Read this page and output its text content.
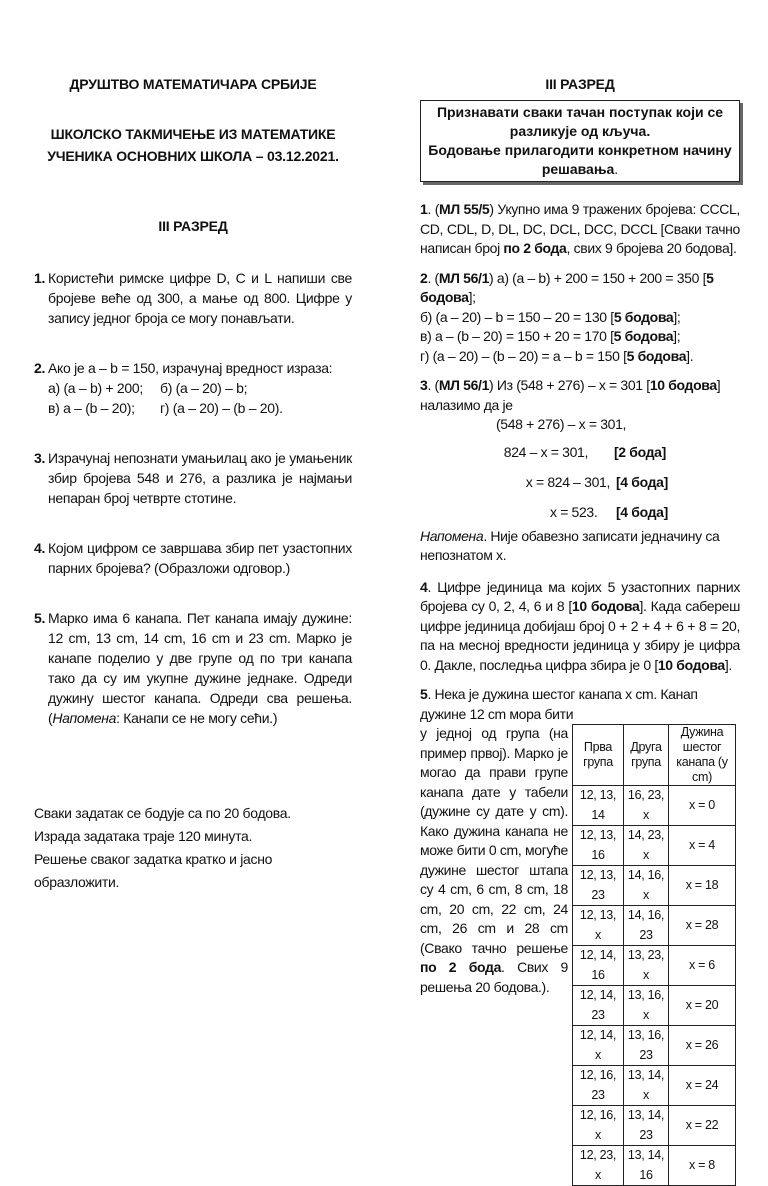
ДРУШТВО МАТЕМАТИЧАРА СРБИЈЕ
ШКОЛСКО ТАКМИЧЕЊЕ ИЗ МАТЕМАТИКЕ
УЧЕНИКА ОСНОВНИХ ШКОЛА – 03.12.2021.
III РАЗРЕД
1. Користећи римске цифре D, C и L напиши све бројеве веће од 300, а мање од 800. Цифре у запису једног броја се могу понављати.
2. Ако је a – b = 150, израчунај вредност израза:
а) (a – b) + 200;	б) (a – 20) – b;
в) a – (b – 20);	г) (a – 20) – (b – 20).
3. Израчунај непознати умањилац ако је умањеник збир бројева 548 и 276, а разлика је најмањи непаран број четврте стотине.
4. Којом цифром се завршава збир пет узастопних парних бројева? (Образложи одговор.)
5. Марко има 6 канапа. Пет канапа имају дужине: 12 cm, 13 cm, 14 cm, 16 cm и 23 cm. Марко је канапе поделио у две групе од по три канапа тако да су им укупне дужине једнаке. Одреди дужину шестог канапа. Одреди сва решења. (Напомена: Канапи се не могу сећи.)
Сваки задатак се бодује са по 20 бодова.
Израда задатака траје 120 минута.
Решење сваког задатка кратко и јасно образложити.
III РАЗРЕД
Признавати сваки тачан поступак који се разликује од кључа.
Бодовање прилагодити конкретном начину решавања.
1. (МЛ 55/5) Укупно има 9 тражених бројева: CCCL, CD, CDL, D, DL, DC, DCL, DCC, DCCL [Сваки тачно написан број по 2 бода, свих 9 бројева 20 бодова].
2. (МЛ 56/1) а) (a – b) + 200 = 150 + 200 = 350 [5 бодова];
б) (a – 20) – b = 150 – 20 = 130 [5 бодова];
в) a – (b – 20) = 150 + 20 = 170 [5 бодова];
г) (a – 20) – (b – 20) = a – b = 150 [5 бодова].
3. (МЛ 56/1) Из (548 + 276) – x = 301 [10 бодова] налазимо да је
(548 + 276) – x = 301,
824 – x = 301, [2 бода]
x = 824 – 301, [4 бода]
x = 523. [4 бода]
Напомена. Није обавезно записати једначину са непознатом x.
4. Цифре јединица ма којих 5 узастопних парних бројева су 0, 2, 4, 6 и 8 [10 бодова]. Када сабереш цифре јединица добијаш број 0 + 2 + 4 + 6 + 8 = 20, па на месној вредности јединица у збиру је цифра 0. Дакле, последња цифра збира је 0 [10 бодова].
5. Нека је дужина шестог канапа x cm. Канап дужине 12 cm мора бити
у једној од група (на пример првој). Марко је могао да прави групе канапа дате у табели (дужине су дате у cm). Како дужина канапа не може бити 0 cm, могуће дужине шестог штапа су 4 cm, 6 cm, 8 cm, 18 cm, 20 cm, 22 cm, 24 cm, 26 cm и 28 cm (Свако тачно решење по 2 бода. Свих 9 решења 20 бодова.).
Прва група	Друга група	Дужина шестог канапа (у cm)
12, 13, 14	16, 23, x	x = 0
12, 13, 16	14, 23, x	x = 4
12, 13, 23	14, 16, x	x = 18
12, 13, x	14, 16, 23	x = 28
12, 14, 16	13, 23, x	x = 6
12, 14, 23	13, 16, x	x = 20
12, 14, x	13, 16, 23	x = 26
12, 16, 23	13, 14, x	x = 24
12, 16, x	13, 14, 23	x = 22
12, 23, x	13, 14, 16	x = 8
